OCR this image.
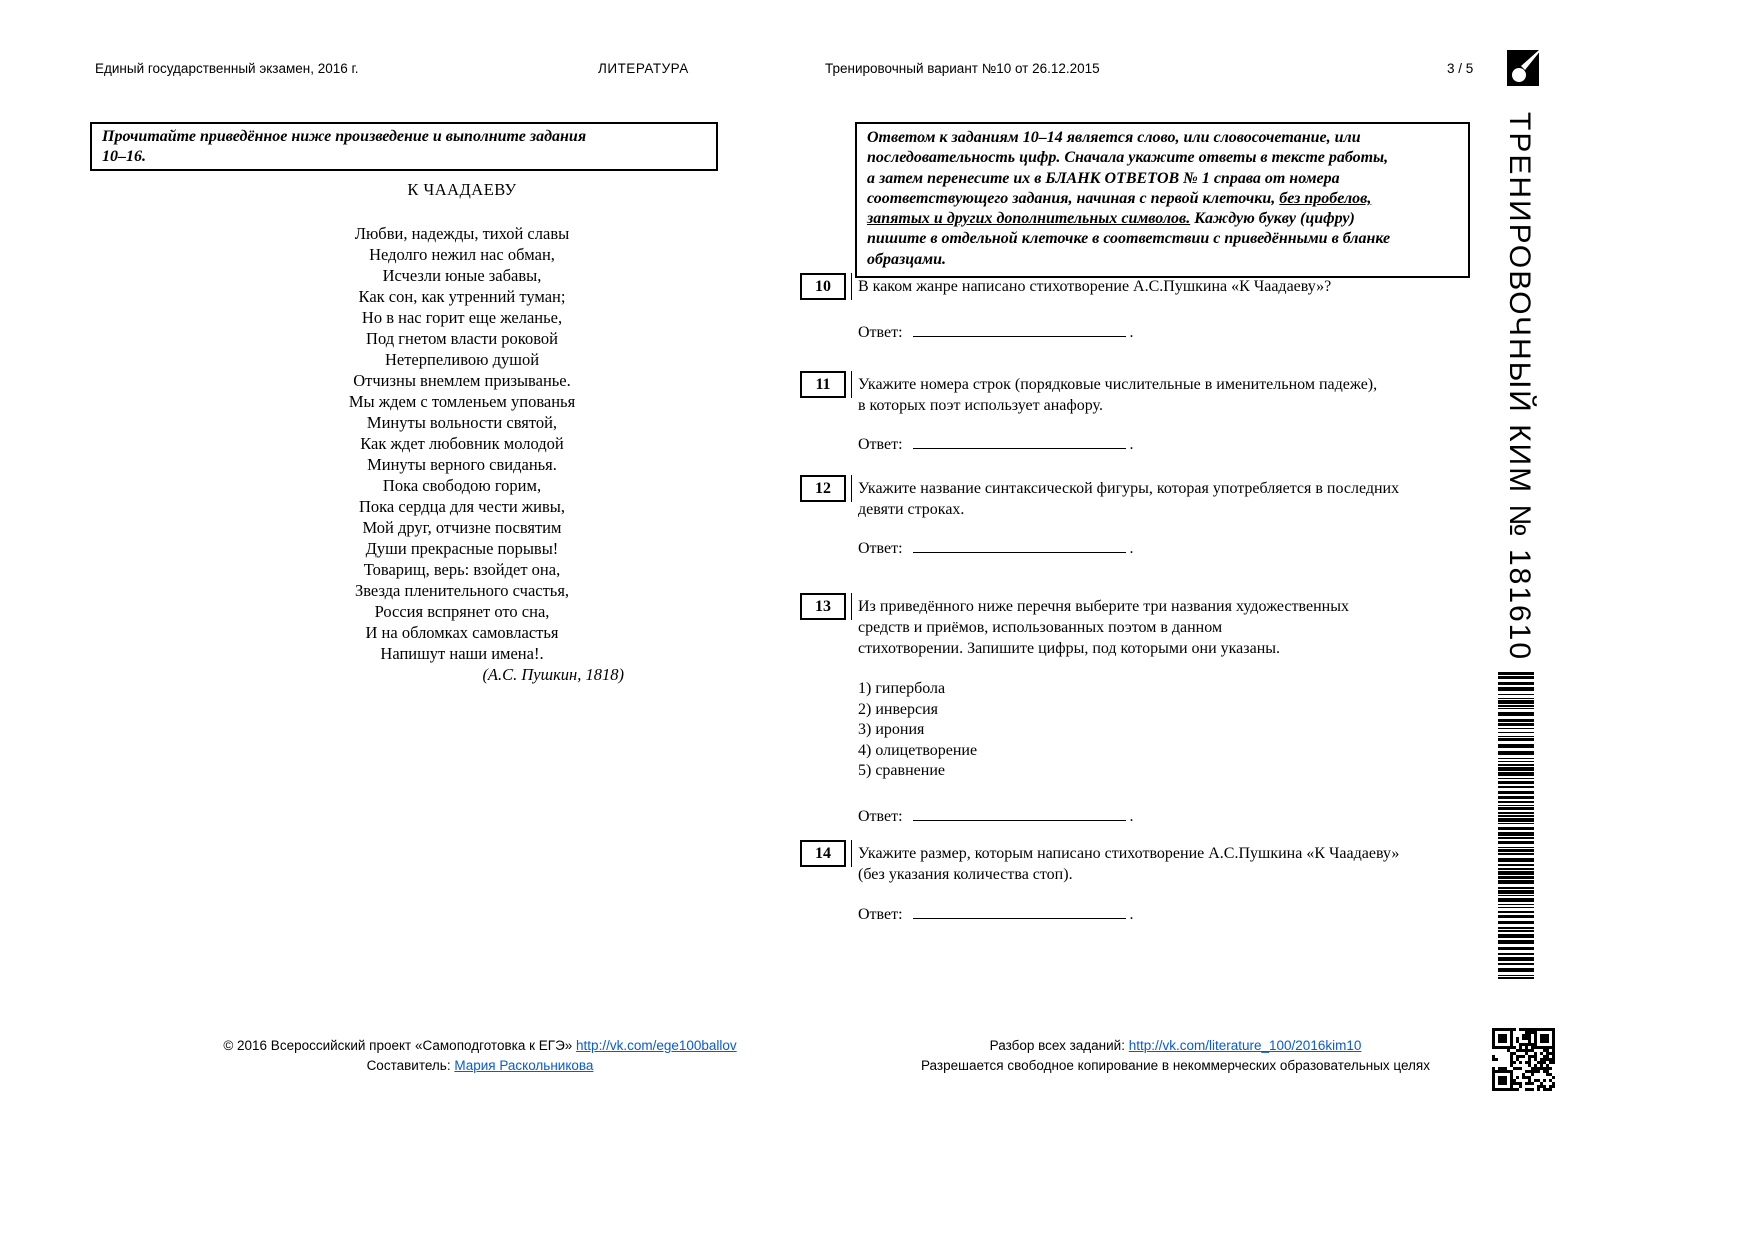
Единый государственный экзамен, 2016 г.	ЛИТЕРАТУРА	Тренировочный вариант №10 от 26.12.2015	3 / 5
ТРЕНИРОВОЧНЫЙ КИМ № 181610
Прочитайте приведённое ниже произведение и выполните задания
10–16.
К ЧААДАЕВУ
Любви, надежды, тихой славы
Недолго нежил нас обман,
Исчезли юные забавы,
Как сон, как утренний туман;
Но в нас горит еще желанье,
Под гнетом власти роковой
Нетерпеливою душой
Отчизны внемлем призыванье.
Мы ждем с томленьем упованья
Минуты вольности святой,
Как ждет любовник молодой
Минуты верного свиданья.
Пока свободою горим,
Пока сердца для чести живы,
Мой друг, отчизне посвятим
Души прекрасные порывы!
Товарищ, верь: взойдет она,
Звезда пленительного счастья,
Россия вспрянет ото сна,
И на обломках самовластья
Напишут наши имена!.
(А.С. Пушкин, 1818)
Ответом к заданиям 10–14 является слово, или словосочетание, или
последовательность цифр. Сначала укажите ответы в тексте работы,
а затем перенесите их в БЛАНК ОТВЕТОВ № 1 справа от номера
соответствующего задания, начиная с первой клеточки, без пробелов,
запятых и других дополнительных символов. Каждую букву (цифру)
пишите в отдельной клеточке в соответствии с приведёнными в бланке
образцами.
10	В каком жанре написано стихотворение А.С.Пушкина «К Чаадаеву»?
Ответ:	.
11	Укажите номера строк (порядковые числительные в именительном падеже),
в которых поэт использует анафору.
Ответ:	.
12	Укажите название синтаксической фигуры, которая употребляется в последних
девяти строках.
Ответ:	.
13	Из приведённого ниже перечня выберите три названия художественных
средств и приёмов, использованных поэтом в данном
стихотворении. Запишите цифры, под которыми они указаны.
1) гипербола
2) инверсия
3) ирония
4) олицетворение
5) сравнение
Ответ:	.
14	Укажите размер, которым написано стихотворение А.С.Пушкина «К Чаадаеву»
(без указания количества стоп).
Ответ:	.
© 2016 Всероссийский проект «Самоподготовка к ЕГЭ» http://vk.com/ege100ballov
Составитель: Мария Раскольникова
Разбор всех заданий: http://vk.com/literature_100/2016kim10
Разрешается свободное копирование в некоммерческих образовательных целях
